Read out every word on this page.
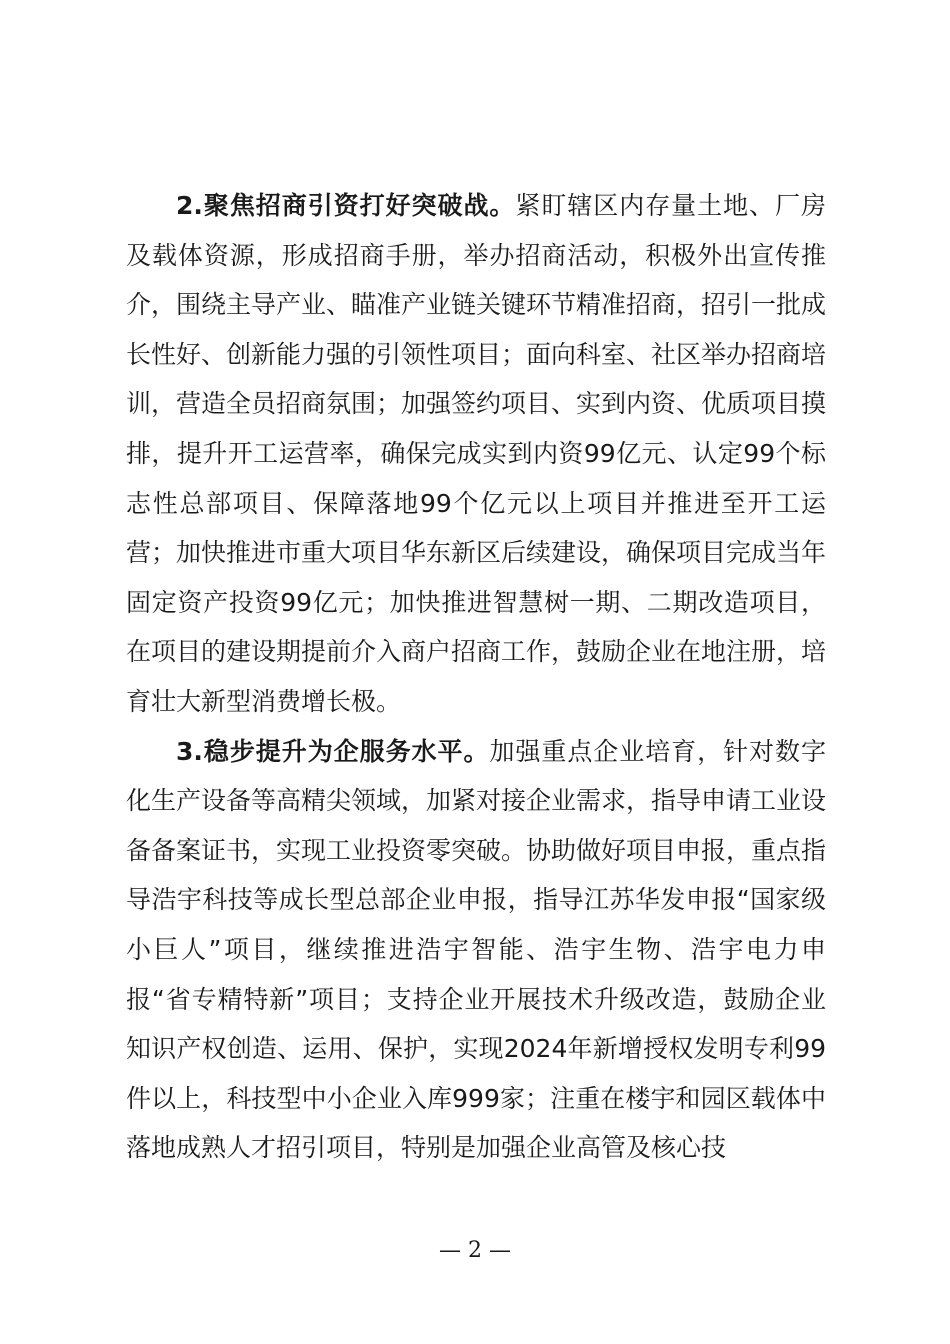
2.聚焦招商引资打好突破战。紧盯辖区内存量土地、厂房及载体资源，形成招商手册，举办招商活动，积极外出宣传推介，围绕主导产业、瞄准产业链关键环节精准招商，招引一批成长性好、创新能力强的引领性项目；面向科室、社区举办招商培训，营造全员招商氛围；加强签约项目、实到内资、优质项目摸排，提升开工运营率，确保完成实到内资99亿元、认定99个标志性总部项目、保障落地99个亿元以上项目并推进至开工运营；加快推进市重大项目华东新区后续建设，确保项目完成当年固定资产投资99亿元；加快推进智慧树一期、二期改造项目，在项目的建设期提前介入商户招商工作，鼓励企业在地注册，培育壮大新型消费增长极。

3.稳步提升为企服务水平。加强重点企业培育，针对数字化生产设备等高精尖领域，加紧对接企业需求，指导申请工业设备备案证书，实现工业投资零突破。协助做好项目申报，重点指导浩宇科技等成长型总部企业申报，指导江苏华发申报“国家级小巨人”项目，继续推进浩宇智能、浩宇生物、浩宇电力申报“省专精特新”项目；支持企业开展技术升级改造，鼓励企业知识产权创造、运用、保护，实现2024年新增授权发明专利99件以上，科技型中小企业入库999家；注重在楼宇和园区载体中落地成熟人才招引项目，特别是加强企业高管及核心技

— 2 —
